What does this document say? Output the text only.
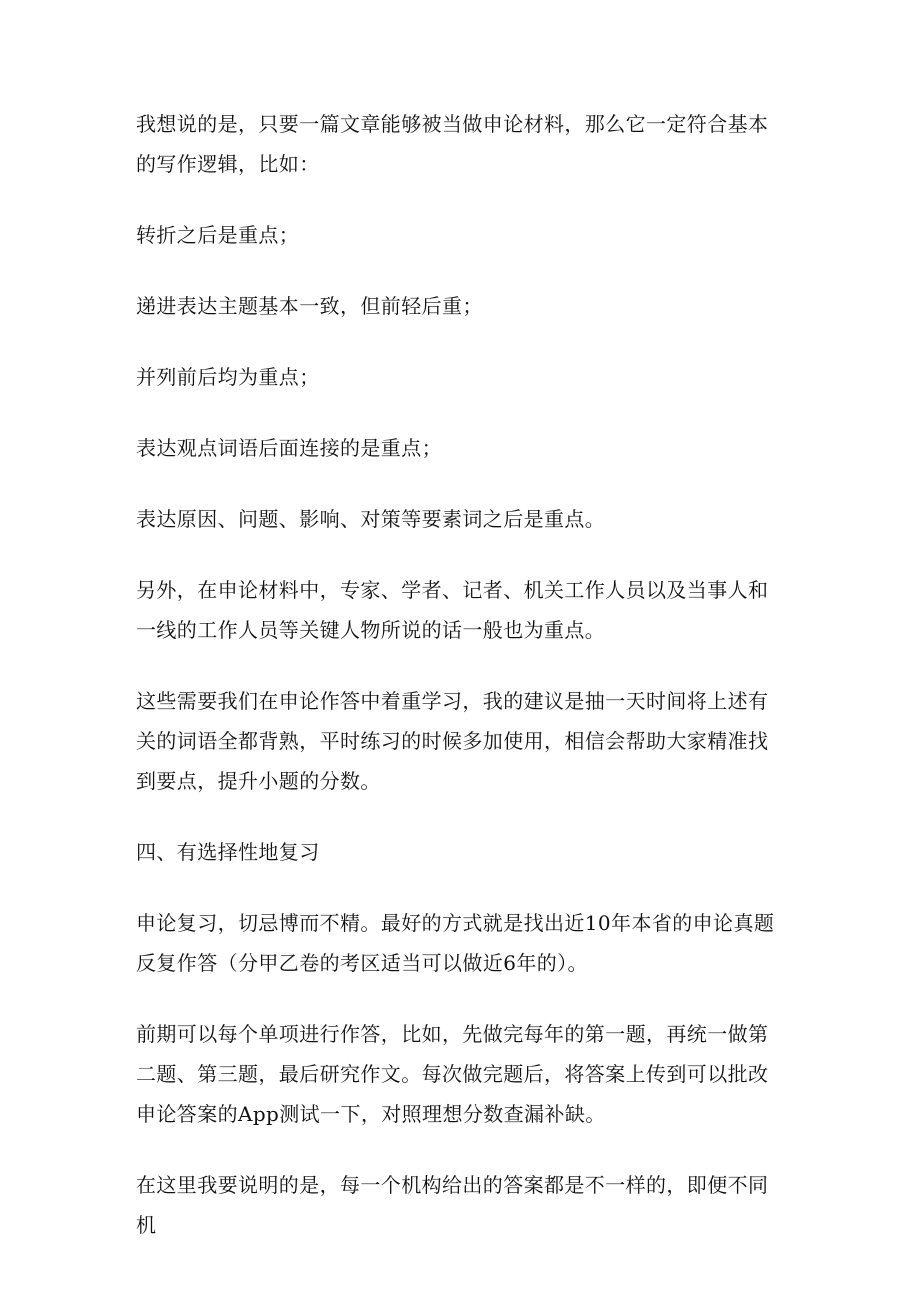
我想说的是，只要一篇文章能够被当做申论材料，那么它一定符合基本的写作逻辑，比如：

转折之后是重点；

递进表达主题基本一致，但前轻后重；

并列前后均为重点；

表达观点词语后面连接的是重点；

表达原因、问题、影响、对策等要素词之后是重点。

另外，在申论材料中，专家、学者、记者、机关工作人员以及当事人和一线的工作人员等关键人物所说的话一般也为重点。

这些需要我们在申论作答中着重学习，我的建议是抽一天时间将上述有关的词语全都背熟，平时练习的时候多加使用，相信会帮助大家精准找到要点，提升小题的分数。

四、有选择性地复习

申论复习，切忌博而不精。最好的方式就是找出近10年本省的申论真题反复作答（分甲乙卷的考区适当可以做近6年的）。

前期可以每个单项进行作答，比如，先做完每年的第一题，再统一做第二题、第三题，最后研究作文。每次做完题后，将答案上传到可以批改申论答案的App测试一下，对照理想分数查漏补缺。

在这里我要说明的是，每一个机构给出的答案都是不一样的，即便不同机
